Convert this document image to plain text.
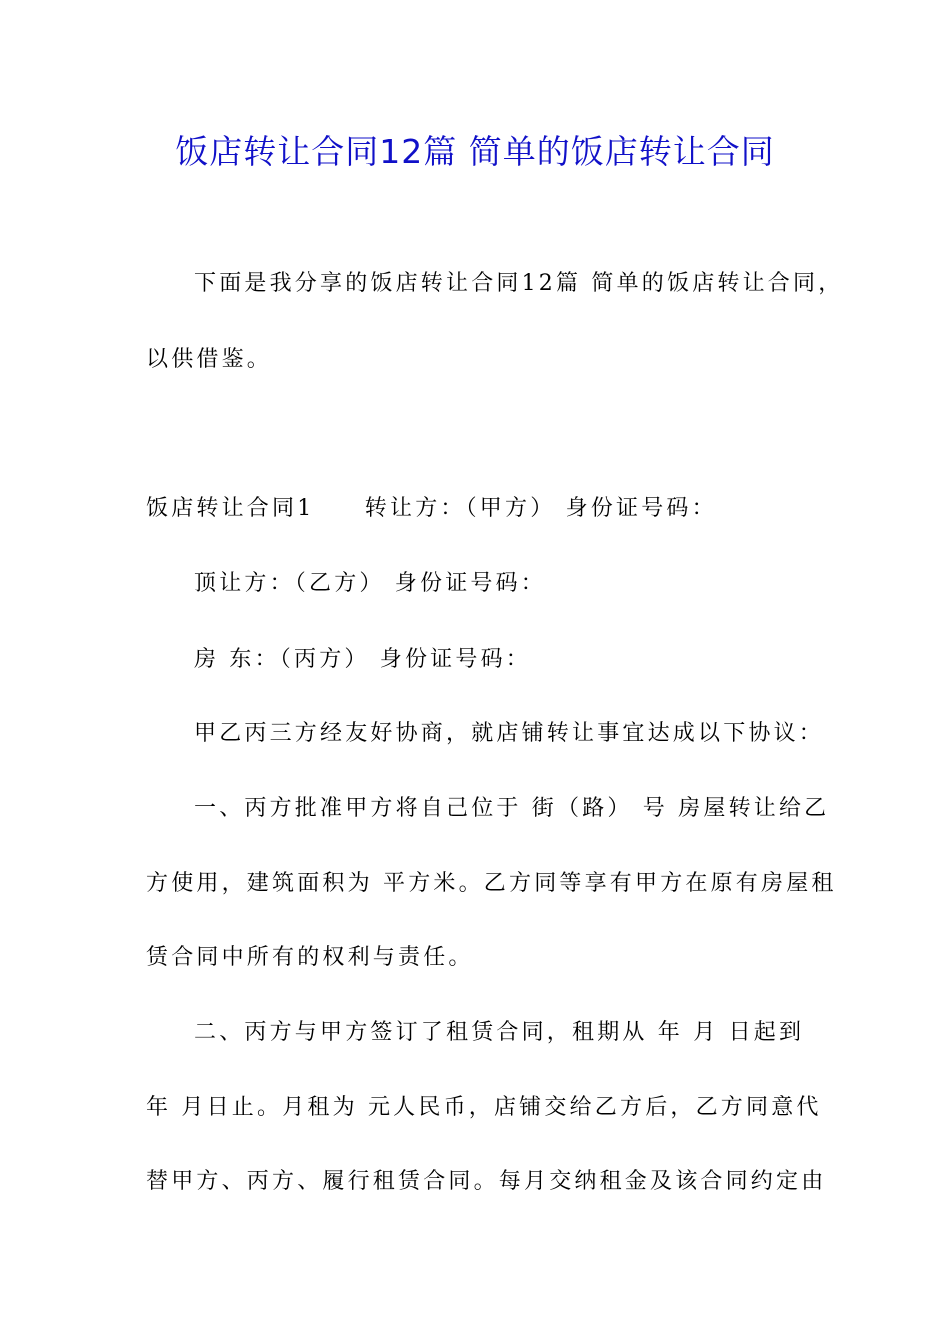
饭店转让合同12篇 简单的饭店转让合同
下面是我分享的饭店转让合同12篇 简单的饭店转让合同，
以供借鉴。
饭店转让合同1　　转让方：（甲方） 身份证号码：
顶让方：（乙方） 身份证号码：
房 东：（丙方） 身份证号码：
甲乙丙三方经友好协商，就店铺转让事宜达成以下协议：
一、丙方批准甲方将自己位于 街（路） 号 房屋转让给乙
方使用，建筑面积为 平方米。乙方同等享有甲方在原有房屋租
赁合同中所有的权利与责任。
二、丙方与甲方签订了租赁合同，租期从 年 月 日起到
年 月日止。月租为 元人民币，店铺交给乙方后，乙方同意代
替甲方、丙方、履行租赁合同。每月交纳租金及该合同约定由
